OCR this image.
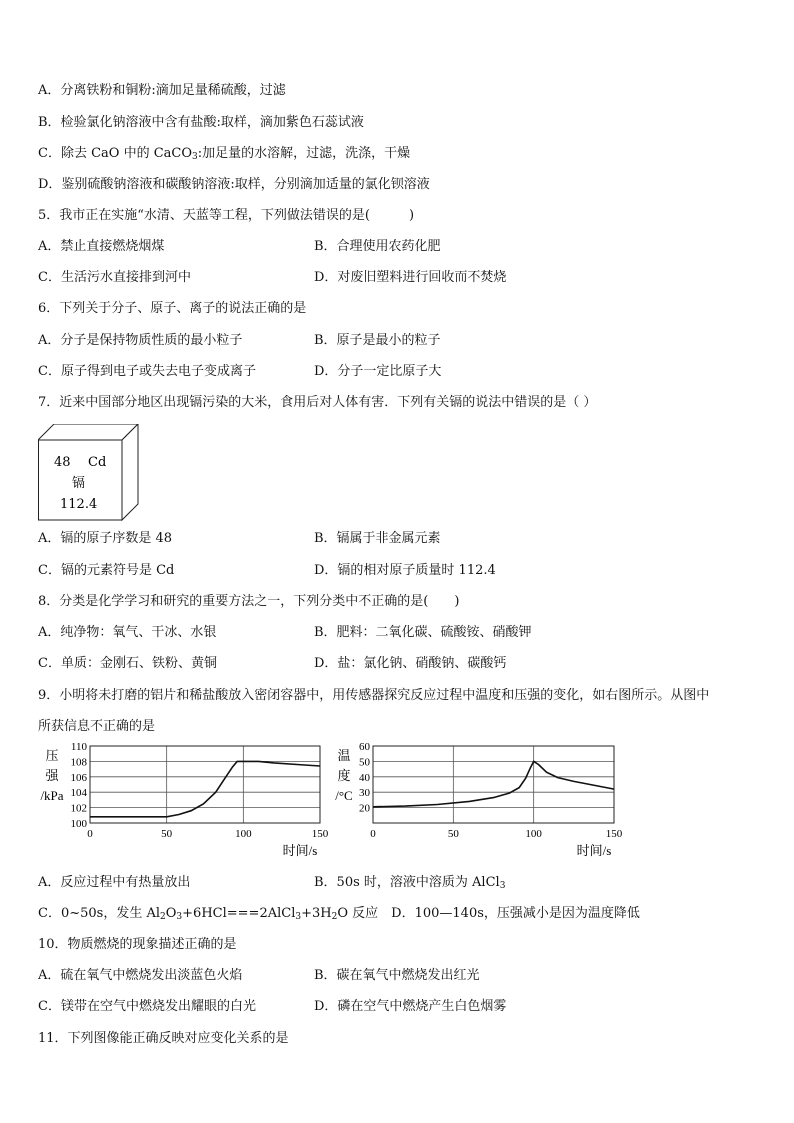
A．分离铁粉和铜粉:滴加足量稀硫酸，过滤
B．检验氯化钠溶液中含有盐酸:取样，滴加紫色石蕊试液
C．除去 CaO 中的 CaCO$_3$:加足量的水溶解，过滤，洗涤，干燥
D．鉴别硫酸钠溶液和碳酸钠溶液:取样，分别滴加适量的氯化钡溶液
5．我市正在实施“水清、天蓝等工程，下列做法错误的是(　　　)
A．禁止直接燃烧烟煤	B．合理使用农药化肥
C．生活污水直接排到河中	D．对废旧塑料进行回收而不焚烧
6．下列关于分子、原子、离子的说法正确的是
A．分子是保持物质性质的最小粒子	B．原子是最小的粒子
C．原子得到电子或失去电子变成离子	D．分子一定比原子大
7．近来中国部分地区出现镉污染的大米，食用后对人体有害．下列有关镉的说法中错误的是（ ）
48 Cd
镉
112.4
A．镉的原子序数是 48	B．镉属于非金属元素
C．镉的元素符号是 Cd	D．镉的相对原子质量时 112.4
8．分类是化学学习和研究的重要方法之一，下列分类中不正确的是(　　)
A．纯净物：氧气、干冰、水银	B．肥料：二氧化碳、硫酸铵、硝酸钾
C．单质：金刚石、铁粉、黄铜	D．盐：氯化钠、硝酸钠、碳酸钙
9．小明将未打磨的铝片和稀盐酸放入密闭容器中，用传感器探究反应过程中温度和压强的变化，如右图所示。从图中
所获信息不正确的是
100
102
104
106
108
110
0	50	100	150
压
强
/kPa
时间/s
20
30
40
50
60
0	50	100	150
温
度
/°C
时间/s
A．反应过程中有热量放出	B．50s 时，溶液中溶质为 AlCl$_3$
C．0~50s，发生 $Al_2O_3+6HCl===2AlCl_3+3H_2O$ 反应　 D．100—140s，压强减小是因为温度降低
10．物质燃烧的现象描述正确的是
A．硫在氧气中燃烧发出淡蓝色火焰	B．碳在氧气中燃烧发出红光
C．镁带在空气中燃烧发出耀眼的白光	D．磷在空气中燃烧产生白色烟雾
11．下列图像能正确反映对应变化关系的是
